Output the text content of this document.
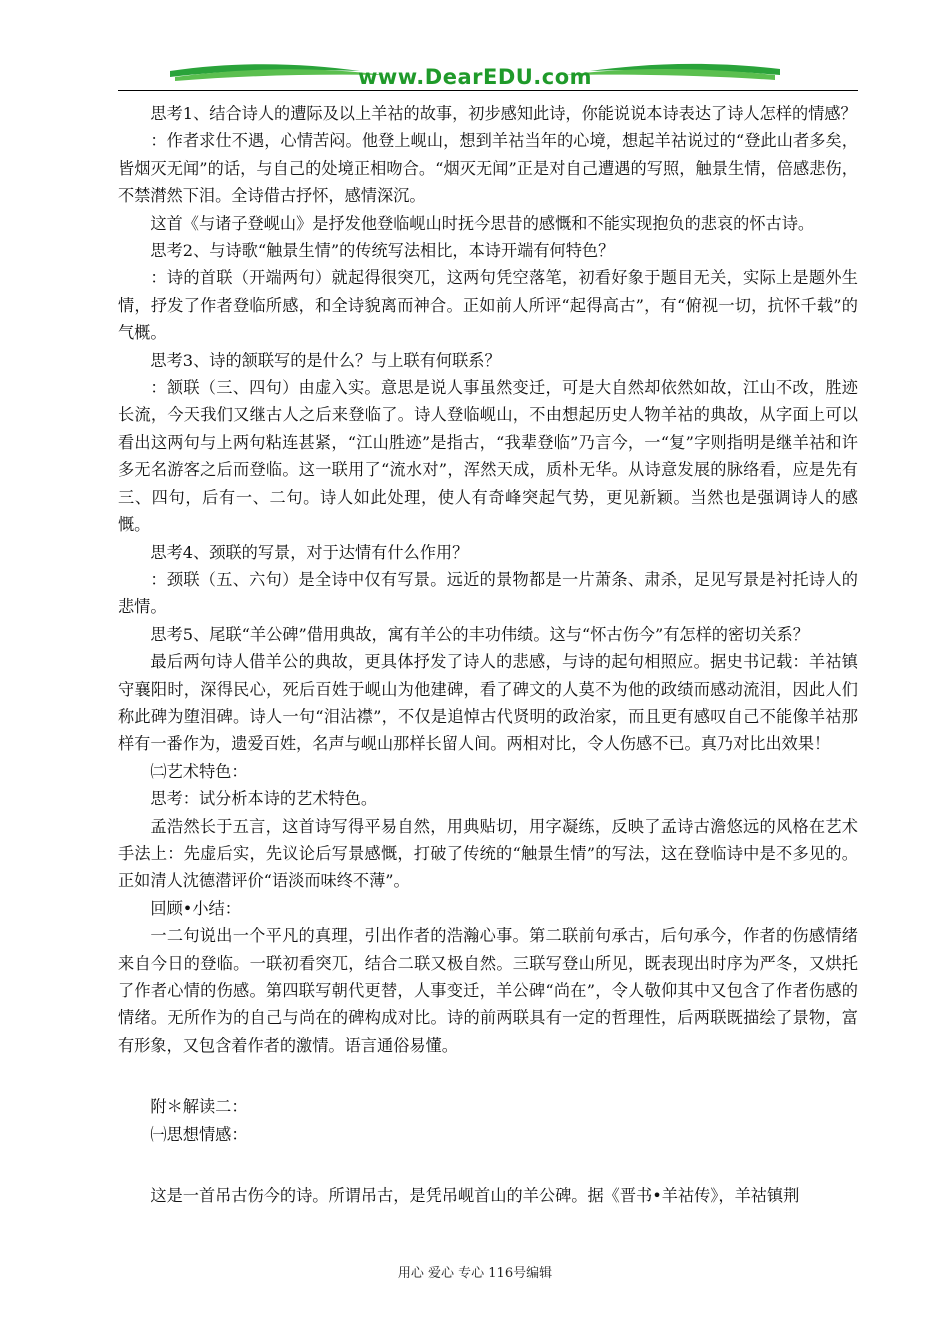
www.DearEDU.com

思考1、结合诗人的遭际及以上羊祜的故事，初步感知此诗，你能说说本诗表达了诗人怎样的情感？

：作者求仕不遇，心情苦闷。他登上岘山，想到羊祜当年的心境，想起羊祜说过的“登此山者多矣，皆烟灭无闻”的话，与自己的处境正相吻合。“烟灭无闻”正是对自己遭遇的写照，触景生情，倍感悲伤，不禁潸然下泪。全诗借古抒怀，感情深沉。

这首《与诸子登岘山》是抒发他登临岘山时抚今思昔的感慨和不能实现抱负的悲哀的怀古诗。

思考2、与诗歌“触景生情”的传统写法相比，本诗开端有何特色？

：诗的首联（开端两句）就起得很突兀，这两句凭空落笔，初看好象于题目无关，实际上是题外生情，抒发了作者登临所感，和全诗貌离而神合。正如前人所评“起得高古”，有“俯视一切，抗怀千载”的气概。

思考3、诗的颔联写的是什么？与上联有何联系？

：颔联（三、四句）由虚入实。意思是说人事虽然变迁，可是大自然却依然如故，江山不改，胜迹长流，今天我们又继古人之后来登临了。诗人登临岘山，不由想起历史人物羊祜的典故，从字面上可以看出这两句与上两句粘连甚紧，“江山胜迹”是指古，“我辈登临”乃言今，一“复”字则指明是继羊祜和许多无名游客之后而登临。这一联用了“流水对”，浑然天成，质朴无华。从诗意发展的脉络看，应是先有三、四句，后有一、二句。诗人如此处理，使人有奇峰突起气势，更见新颖。当然也是强调诗人的感慨。

思考4、颈联的写景，对于达情有什么作用？

：颈联（五、六句）是全诗中仅有写景。远近的景物都是一片萧条、肃杀，足见写景是衬托诗人的悲情。

思考5、尾联“羊公碑”借用典故，寓有羊公的丰功伟绩。这与“怀古伤今”有怎样的密切关系？

最后两句诗人借羊公的典故，更具体抒发了诗人的悲感，与诗的起句相照应。据史书记载：羊祜镇守襄阳时，深得民心，死后百姓于岘山为他建碑，看了碑文的人莫不为他的政绩而感动流泪，因此人们称此碑为堕泪碑。诗人一句“泪沾襟”，不仅是追悼古代贤明的政治家，而且更有感叹自己不能像羊祜那样有一番作为，遗爱百姓，名声与岘山那样长留人间。两相对比，令人伤感不已。真乃对比出效果！

㈡艺术特色：

思考：试分析本诗的艺术特色。

孟浩然长于五言，这首诗写得平易自然，用典贴切，用字凝练，反映了孟诗古澹悠远的风格在艺术手法上：先虚后实，先议论后写景感慨，打破了传统的“触景生情”的写法，这在登临诗中是不多见的。正如清人沈德潜评价“语淡而味终不薄”。

回顾•小结：

一二句说出一个平凡的真理，引出作者的浩瀚心事。第二联前句承古，后句承今，作者的伤感情绪来自今日的登临。一联初看突兀，结合二联又极自然。三联写登山所见，既表现出时序为严冬，又烘托了作者心情的伤感。第四联写朝代更替，人事变迁，羊公碑“尚在”，令人敬仰其中又包含了作者伤感的情绪。无所作为的自己与尚在的碑构成对比。诗的前两联具有一定的哲理性，后两联既描绘了景物，富有形象，又包含着作者的激情。语言通俗易懂。

附＊解读二：

㈠思想情感：

这是一首吊古伤今的诗。所谓吊古，是凭吊岘首山的羊公碑。据《晋书•羊祜传》，羊祜镇荆

用心 爱心 专心 116号编辑
